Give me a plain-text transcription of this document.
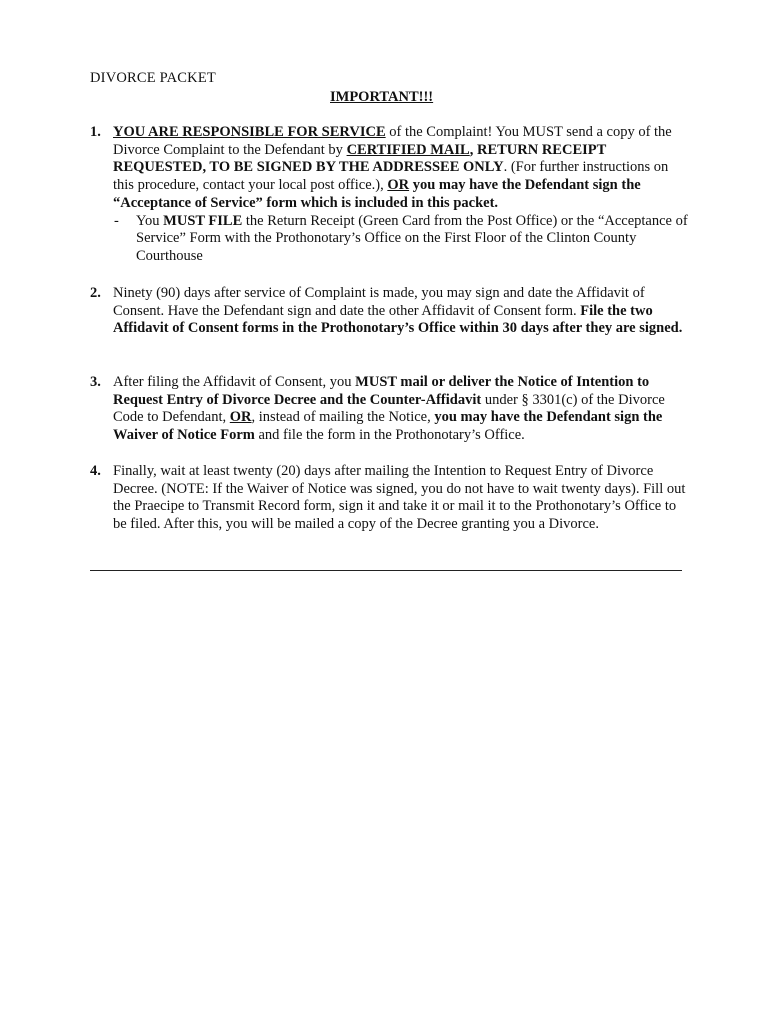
DIVORCE PACKET
IMPORTANT!!!
1. YOU ARE RESPONSIBLE FOR SERVICE of the Complaint! You MUST send a copy of the Divorce Complaint to the Defendant by CERTIFIED MAIL, RETURN RECEIPT REQUESTED, TO BE SIGNED BY THE ADDRESSEE ONLY. (For further instructions on this procedure, contact your local post office.), OR you may have the Defendant sign the “Acceptance of Service” form which is included in this packet.
- You MUST FILE the Return Receipt (Green Card from the Post Office) or the “Acceptance of Service” Form with the Prothonotary’s Office on the First Floor of the Clinton County Courthouse
2. Ninety (90) days after service of Complaint is made, you may sign and date the Affidavit of Consent. Have the Defendant sign and date the other Affidavit of Consent form. File the two Affidavit of Consent forms in the Prothonotary’s Office within 30 days after they are signed.
3. After filing the Affidavit of Consent, you MUST mail or deliver the Notice of Intention to Request Entry of Divorce Decree and the Counter-Affidavit under § 3301(c) of the Divorce Code to Defendant, OR, instead of mailing the Notice, you may have the Defendant sign the Waiver of Notice Form and file the form in the Prothonotary’s Office.
4. Finally, wait at least twenty (20) days after mailing the Intention to Request Entry of Divorce Decree. (NOTE: If the Waiver of Notice was signed, you do not have to wait twenty days). Fill out the Praecipe to Transmit Record form, sign it and take it or mail it to the Prothonotary’s Office to be filed. After this, you will be mailed a copy of the Decree granting you a Divorce.
